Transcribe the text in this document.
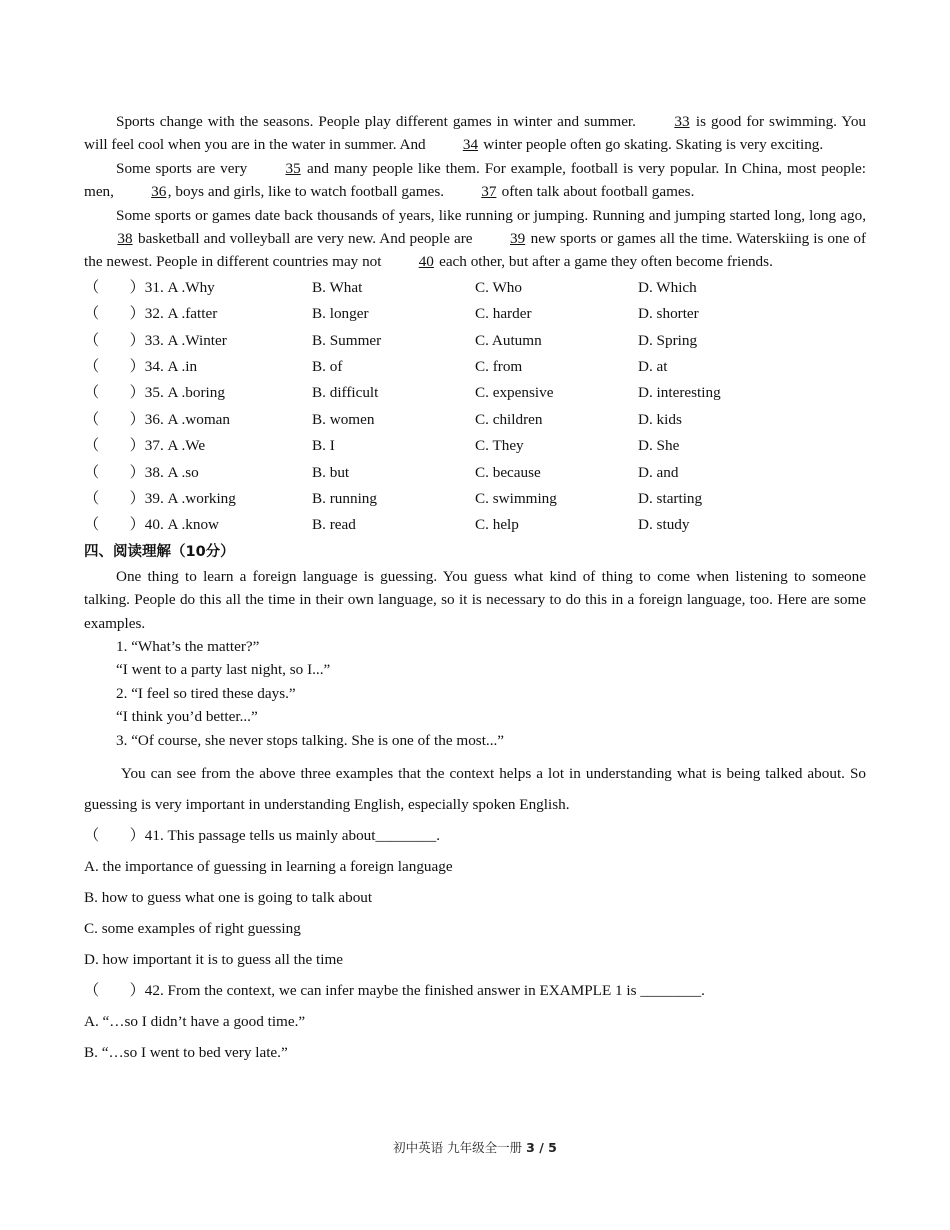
Sports change with the seasons. People play different games in winter and summer.	33 is good for swimming. You will feel cool when you are in the water in summer. And 34 winter people often go skating. Skating is very exciting.

Some sports are very	35 and many people like them. For example, football is very popular. In China, most people: men, 36, boys and girls, like to watch football games. 37 often talk about football games.

Some sports or games date back thousands of years, like running or jumping. Running and jumping started long, long ago, 38 basketball and volleyball are very new. And people are 39 new sports or games all the time. Waterskiing is one of the newest. People in different countries may not 40 each other, but after a game they often become friends.

（　　）31. A .Why	B. What	C. Who	D. Which
（　　）32. A .fatter	B. longer	C. harder	D. shorter
（　　）33. A .Winter	B. Summer	C. Autumn	D. Spring
（　　）34. A .in	B. of	C. from	D. at
（　　）35. A .boring	B. difficult	C. expensive	D. interesting
（　　）36. A .woman	B. women	C. children	D. kids
（　　）37. A .We	B. I	C. They	D. She
（　　）38. A .so	B. but	C. because	D. and
（　　）39. A .working	B. running	C. swimming	D. starting
（　　）40. A .know	B. read	C. help	D. study

四、阅读理解（10分）

One thing to learn a foreign language is guessing. You guess what kind of thing to come when listening to someone talking. People do this all the time in their own language, so it is necessary to do this in a foreign language, too. Here are some examples.

1. “What’s the matter?”

“I went to a party last night, so I...”

2. “I feel so tired these days.”

“I think you’d better...”

3. “Of course, she never stops talking. She is one of the most...”

You can see from the above three examples that the context helps a lot in understanding what is being talked about. So guessing is very important in understanding English, especially spoken English.

（　　）41. This passage tells us mainly about________.

A. the importance of guessing in learning a foreign language

B. how to guess what one is going to talk about

C. some examples of right guessing

D. how important it is to guess all the time

（　　）42. From the context, we can infer maybe the finished answer in EXAMPLE 1 is ________.

A. “…so I didn’t have a good time.”

B. “…so I went to bed very late.”

初中英语 九年级全一册 3 / 5
